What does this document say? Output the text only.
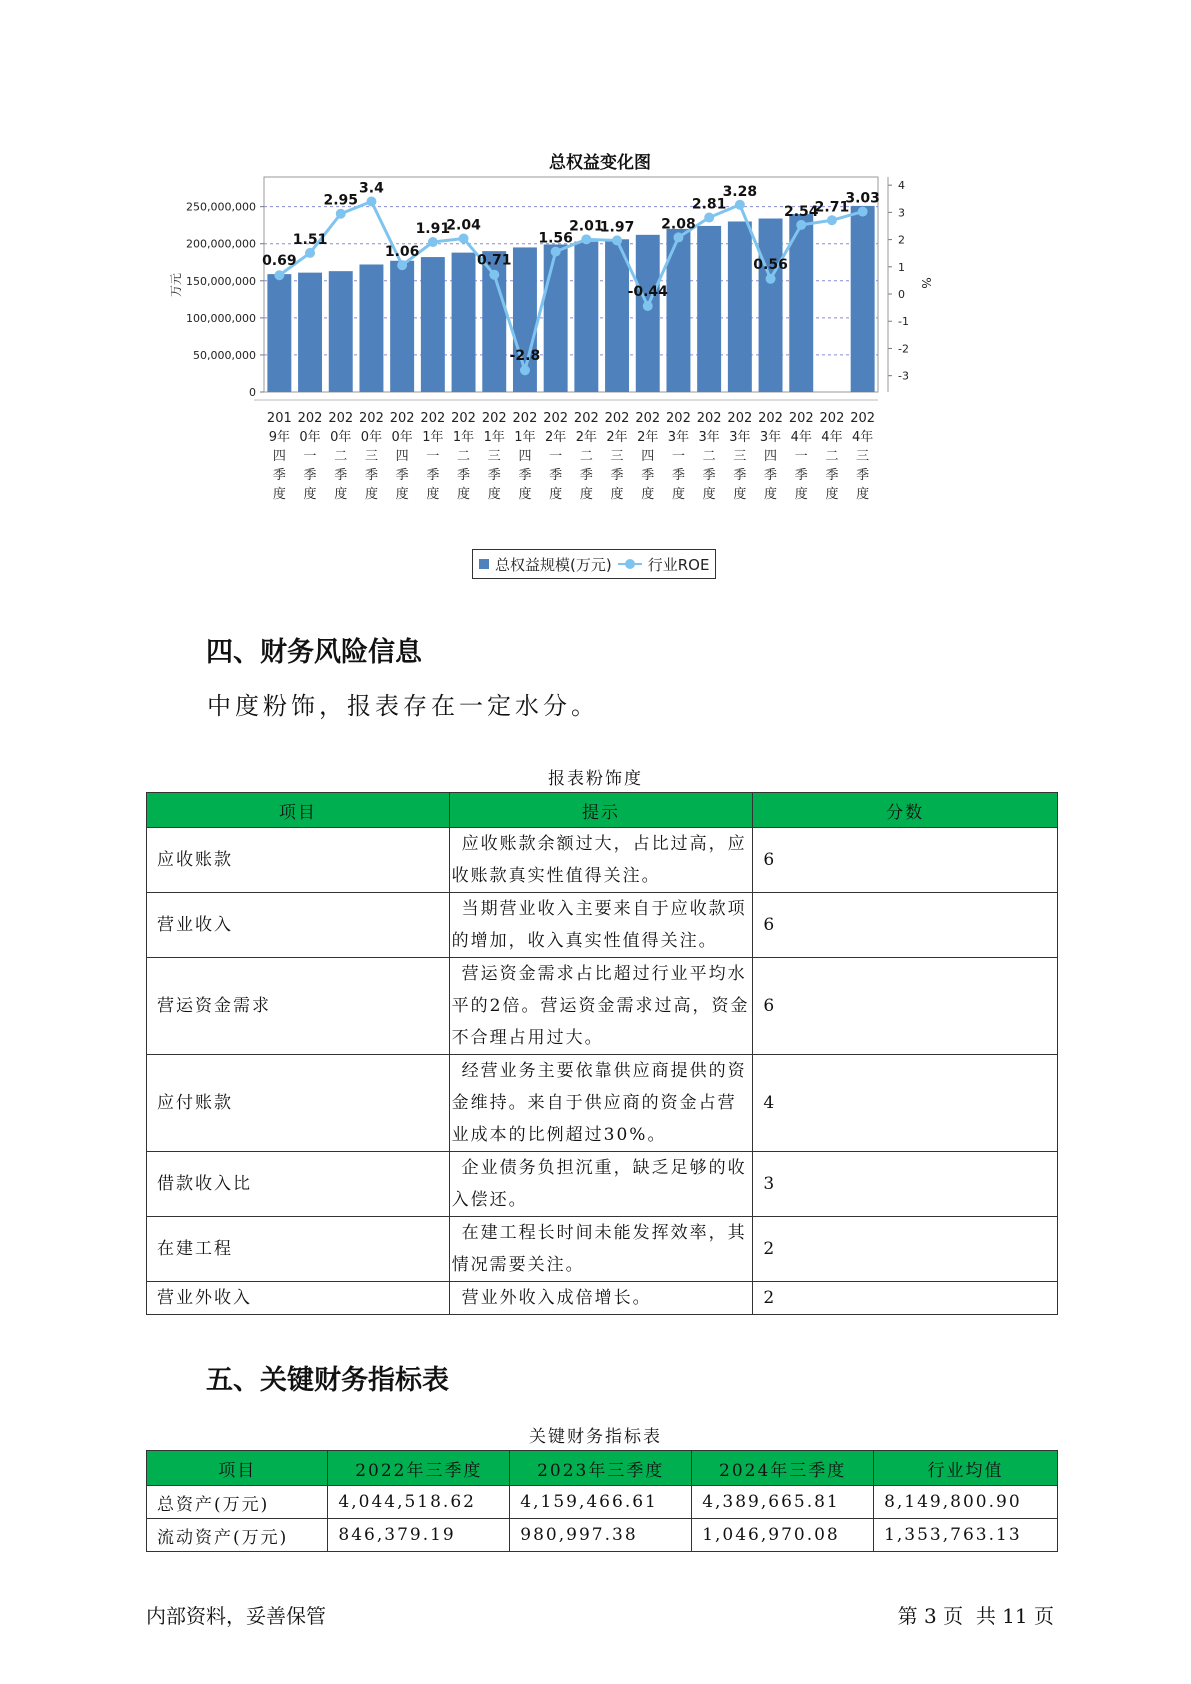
总权益变化图
0
50,000,000
100,000,000
150,000,000
200,000,000
250,000,000
-3
-2
-1
0
1
2
3
4
万元	%
0.69
1.51
2.95
3.4
1.06
1.91
2.04
0.71
-2.8
1.56
2.01
1.97
-0.44
2.08
2.81
3.28
0.56
2.54
2.71
3.03
201 202 202 202 202 202 202 202 202 202 202 202 202 202 202 202 202 202 202 202
9年 0年 0年 0年 0年 1年 1年 1年 1年 2年 2年 2年 2年 3年 3年 3年 3年 4年 4年 4年
四 一 二 三 四 一 二 三 四 一 二 三 四 一 二 三 四 一 二 三
季 季 季 季 季 季 季 季 季 季 季 季 季 季 季 季 季 季 季 季
度 度 度 度 度 度 度 度 度 度 度 度 度 度 度 度 度 度 度 度
总权益规模(万元) 行业ROE
四、财务风险信息

中度粉饰，报表存在一定水分。

报表粉饰度
项目	提示	分数
应收账款	应收账款余额过大，占比过高，应收账款真实性值得关注。	6
营业收入	当期营业收入主要来自于应收款项的增加，收入真实性值得关注。	6
营运资金需求	营运资金需求占比超过行业平均水平的2倍。营运资金需求过高，资金不合理占用过大。	6
应付账款	经营业务主要依靠供应商提供的资金维持。来自于供应商的资金占营业成本的比例超过30%。	4
借款收入比	企业债务负担沉重，缺乏足够的收入偿还。	3
在建工程	在建工程长时间未能发挥效率，其情况需要关注。	2
营业外收入	营业外收入成倍增长。	2
五、关键财务指标表
关键财务指标表
项目	2022年三季度	2023年三季度	2024年三季度	行业均值
总资产(万元)	4,044,518.62	4,159,466.61	4,389,665.81	8,149,800.90
流动资产(万元)	846,379.19	980,997.38	1,046,970.08	1,353,763.13
内部资料，妥善保管	第 3 页  共 11 页
